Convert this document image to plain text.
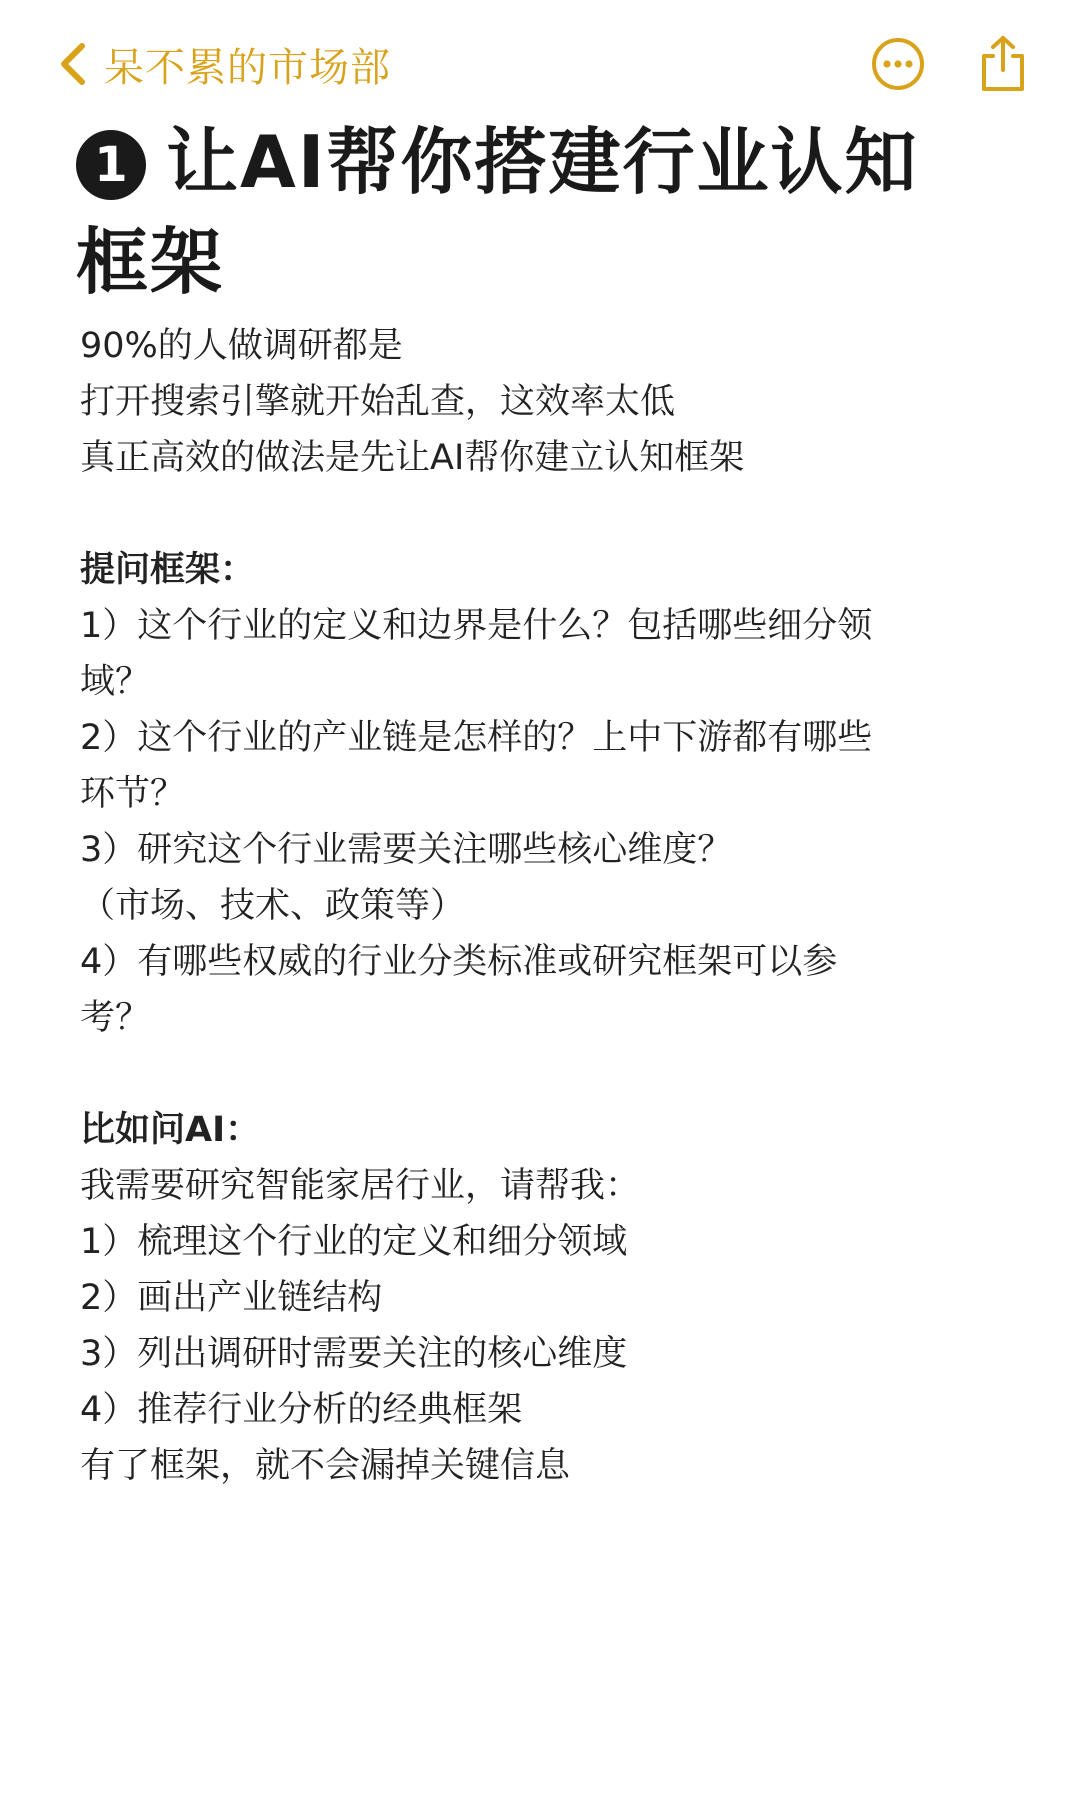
呆不累的市场部
1 让AI帮你搭建行业认知框架
90%的人做调研都是
打开搜索引擎就开始乱查，这效率太低
真正高效的做法是先让AI帮你建立认知框架
提问框架：
1）这个行业的定义和边界是什么？包括哪些细分领
域？
2）这个行业的产业链是怎样的？上中下游都有哪些
环节？
3）研究这个行业需要关注哪些核心维度？
（市场、技术、政策等）
4）有哪些权威的行业分类标准或研究框架可以参
考？
比如问AI：
我需要研究智能家居行业，请帮我：
1）梳理这个行业的定义和细分领域
2）画出产业链结构
3）列出调研时需要关注的核心维度
4）推荐行业分析的经典框架
有了框架，就不会漏掉关键信息
